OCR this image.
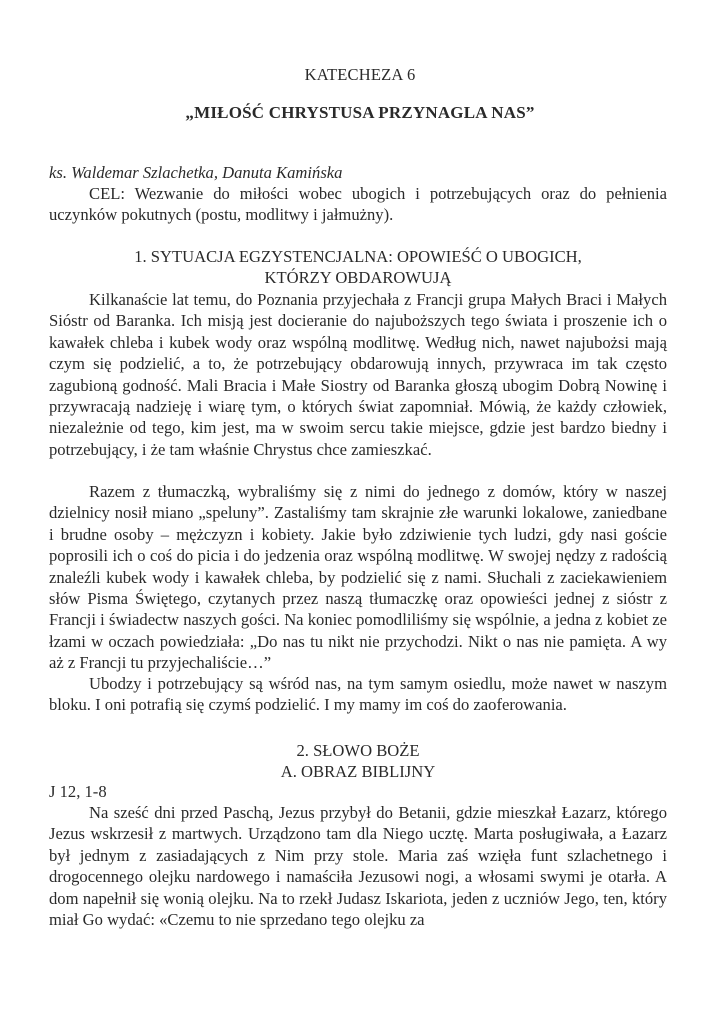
KATECHEZA 6

„MIŁOŚĆ CHRYSTUSA PRZYNAGLA NAS”

ks. Waldemar Szlachetka, Danuta Kamińska

CEL: Wezwanie do miłości wobec ubogich i potrzebujących oraz do pełnienia uczynków pokutnych (postu, modlitwy i jałmużny).

1. SYTUACJA EGZYSTENCJALNA: OPOWIEŚĆ O UBOGICH,

KTÓRZY OBDAROWUJĄ

Kilkanaście lat temu, do Poznania przyjechała z Francji grupa Małych Braci i Małych Sióstr od Baranka. Ich misją jest docieranie do najuboższych tego świata i proszenie ich o kawałek chleba i kubek wody oraz wspólną modlitwę. Według nich, nawet najubożsi mają czym się podzielić, a to, że potrzebujący obdarowują innych, przywraca im tak często zagubioną godność. Mali Bracia i Małe Siostry od Baranka głoszą ubogim Dobrą Nowinę i przywracają nadzieję i wiarę tym, o których świat zapomniał. Mówią, że każdy człowiek, niezależnie od tego, kim jest, ma w swoim sercu takie miejsce, gdzie jest bardzo biedny i potrzebujący, i że tam właśnie Chrystus chce zamieszkać.

Razem z tłumaczką, wybraliśmy się z nimi do jednego z domów, który w naszej dzielnicy nosił miano „speluny”. Zastaliśmy tam skrajnie złe warunki lokalowe, zaniedbane i brudne osoby – mężczyzn i kobiety. Jakie było zdziwienie tych ludzi, gdy nasi goście poprosili ich o coś do picia i do jedzenia oraz wspólną modlitwę. W swojej nędzy z radością znaleźli kubek wody i kawałek chleba, by podzielić się z nami. Słuchali z zaciekawieniem słów Pisma Świętego, czytanych przez naszą tłumaczkę oraz opowieści jednej z sióstr z Francji i świadectw naszych gości. Na koniec pomodliliśmy się wspólnie, a jedna z kobiet ze łzami w oczach powiedziała: „Do nas tu nikt nie przychodzi. Nikt o nas nie pamięta. A wy aż z Francji tu przyjechaliście…”

Ubodzy i potrzebujący są wśród nas, na tym samym osiedlu, może nawet w naszym bloku. I oni potrafią się czymś podzielić. I my mamy im coś do zaoferowania.

2. SŁOWO BOŻE

A. OBRAZ BIBLIJNY

J 12, 1-8

Na sześć dni przed Paschą, Jezus przybył do Betanii, gdzie mieszkał Łazarz, którego Jezus wskrzesił z martwych. Urządzono tam dla Niego ucztę. Marta posługiwała, a Łazarz był jednym z zasiadających z Nim przy stole. Maria zaś wzięła funt szlachetnego i drogocennego olejku nardowego i namaściła Jezusowi nogi, a włosami swymi je otarła. A dom napełnił się wonią olejku. Na to rzekł Judasz Iskariota, jeden z uczniów Jego, ten, który miał Go wydać: «Czemu to nie sprzedano tego olejku za
